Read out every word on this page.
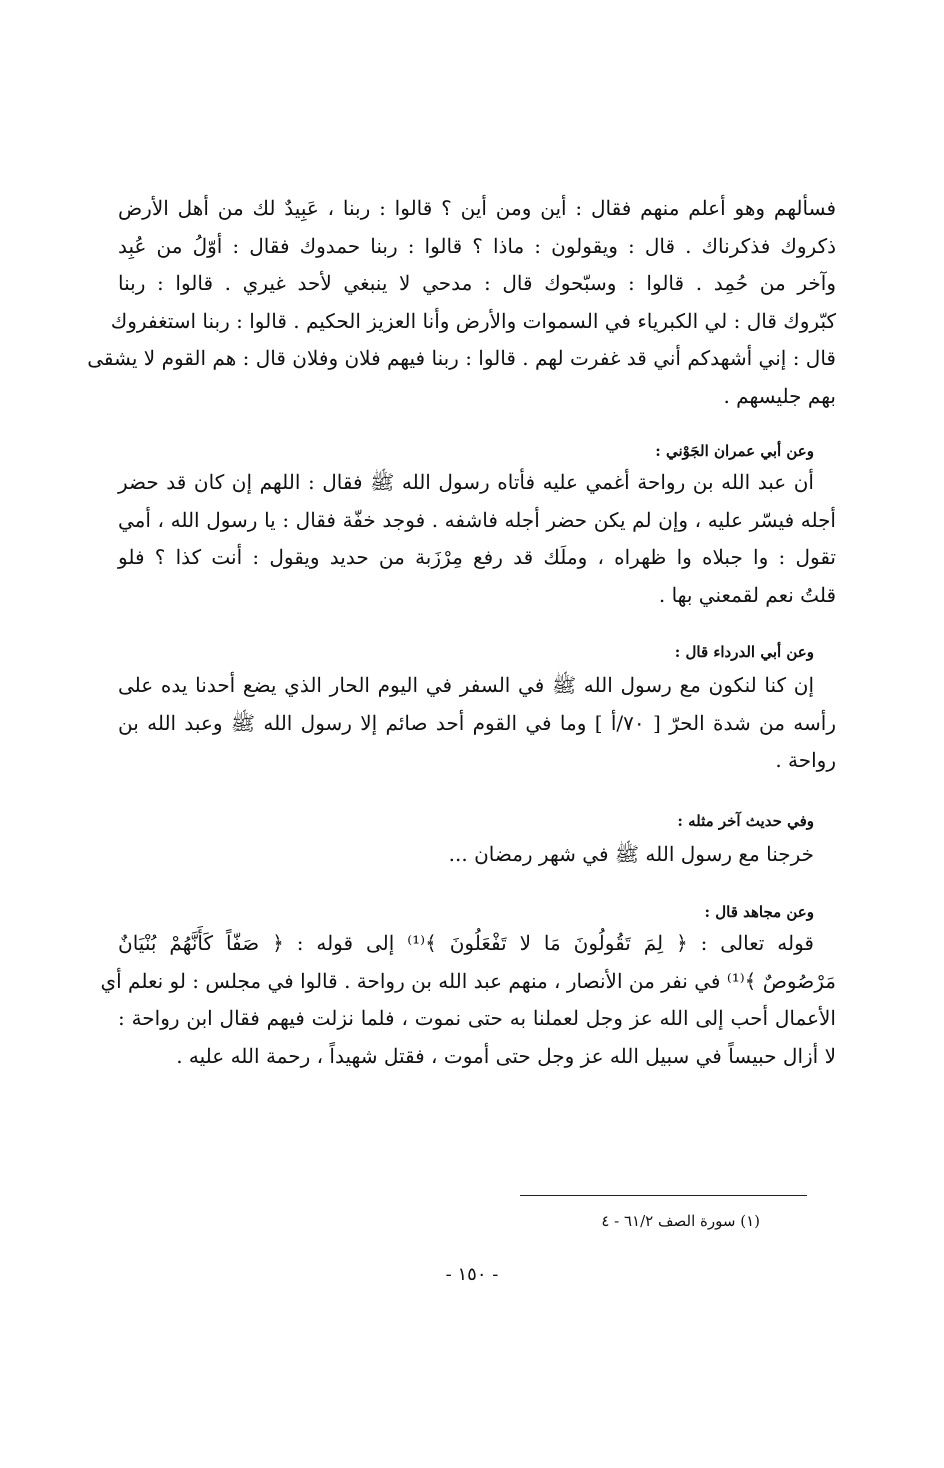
فسألهم وهو أعلم منهم فقال : أين ومن أين ؟ قالوا : ربنا ، عَبِيدٌ لك من أهل الأرض
ذكروك فذكرناك . قال : ويقولون : ماذا ؟ قالوا : ربنا حمدوك فقال : أوّلُ من عُبِد
وآخر من حُمِد . قالوا : وسبّحوك قال : مدحي لا ينبغي لأحد غيري . قالوا : ربنا
كبّروك قال : لي الكبرياء في السموات والأرض وأنا العزيز الحكيم . قالوا : ربنا استغفروك
قال : إني أشهدكم أني قد غفرت لهم . قالوا : ربنا فيهم فلان وفلان قال : هم القوم لا يشقى
بهم جليسهم .

وعن أبي عمران الجَوْني :

أن عبد الله بن رواحة أغمي عليه فأتاه رسول الله ﷺ فقال : اللهم إن كان قد حضر
أجله فيسّر عليه ، وإن لم يكن حضر أجله فاشفه . فوجد خفّة فقال : يا رسول الله ، أمي
تقول : وا جبلاه وا ظهراه ، وملَك قد رفع مِرْزَبة من حديد ويقول : أنت كذا ؟ فلو
قلتُ نعم لقمعني بها .

وعن أبي الدرداء قال :

إن كنا لنكون مع رسول الله ﷺ في السفر في اليوم الحار الذي يضع أحدنا يده على
رأسه من شدة الحرّ [ ٧٠/أ ] وما في القوم أحد صائم إلا رسول الله ﷺ وعبد الله بن
رواحة .

وفي حديث آخر مثله :

خرجنا مع رسول الله ﷺ في شهر رمضان ...

وعن مجاهد قال :

قوله تعالى : ﴿ لِمَ تَقُولُونَ مَا لا تَفْعَلُونَ ﴾⁽¹⁾ إلى قوله : ﴿ صَفّاً كَأَنَّهُمْ بُنْيَانٌ
مَرْصُوصٌ ﴾⁽¹⁾ في نفر من الأنصار ، منهم عبد الله بن رواحة . قالوا في مجلس : لو نعلم أي
الأعمال أحب إلى الله عز وجل لعملنا به حتى نموت ، فلما نزلت فيهم فقال ابن رواحة :
لا أزال حبيساً في سبيل الله عز وجل حتى أموت ، فقتل شهيداً ، رحمة الله عليه .

(١) سورة الصف ٦١/٢ - ٤
- ١٥٠ -
